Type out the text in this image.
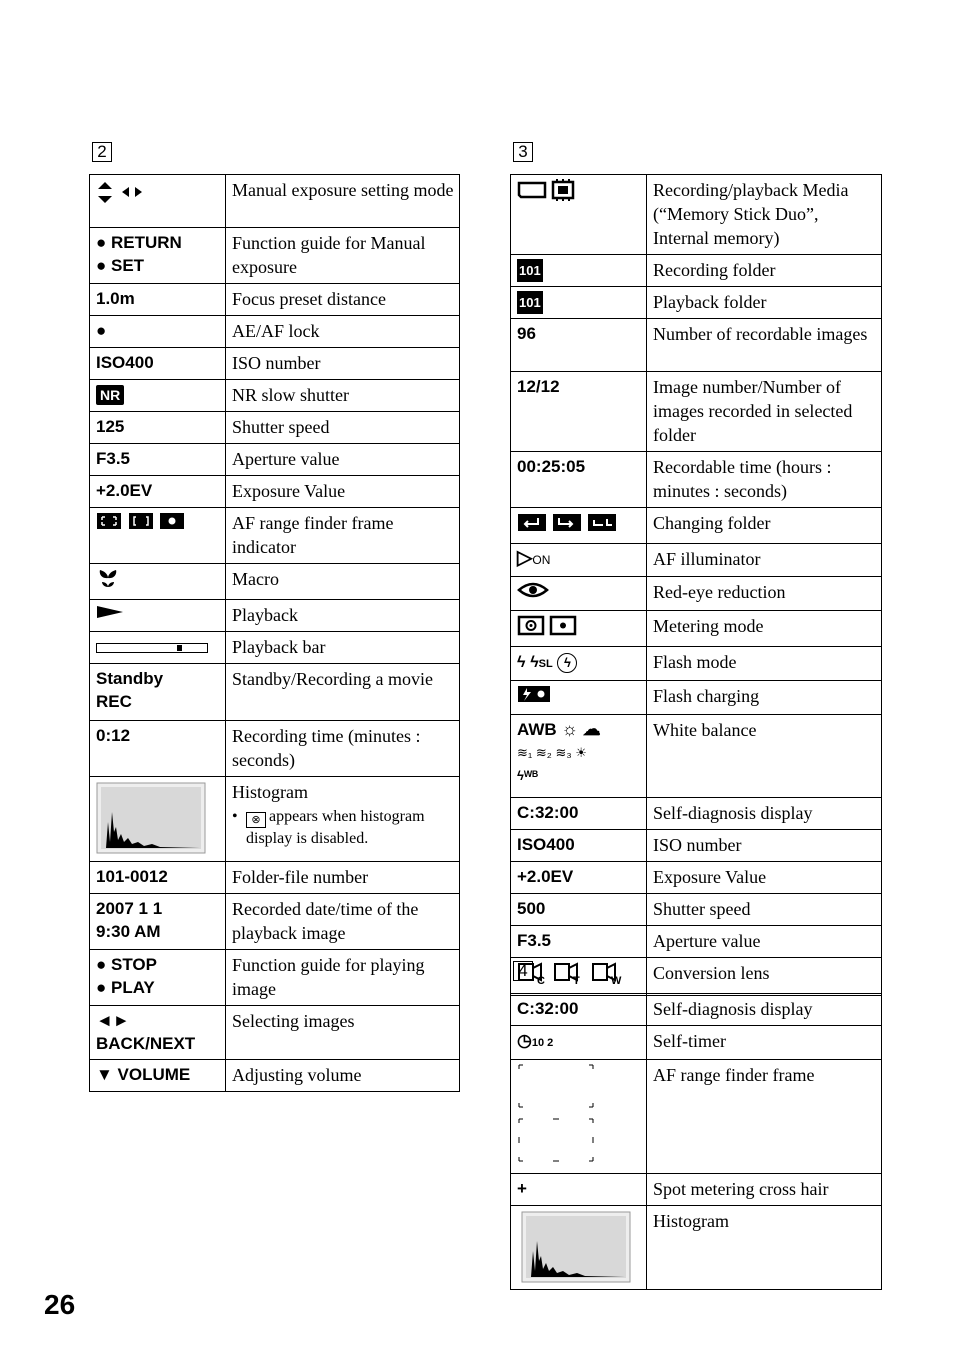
2
	Manual exposure setting mode
● RETURN
● SET	Function guide for Manual exposure
1.0m	Focus preset distance
●	AE/AF lock
ISO400	ISO number
NR	NR slow shutter
125	Shutter speed
F3.5	Aperture value
+2.0EV	Exposure Value
	AF range finder frame indicator
	Macro
	Playback

	Playback bar
Standby
REC	Standby/Recording a movie
0:12	Recording time (minutes : seconds)

Histogram
• ⊗ appears when histogram display is disabled.

101-0012	Folder-file number
2007 1 1
9:30 AM	Recorded date/time of the playback image
● STOP
● PLAY	Function guide for playing image
◄► BACK/NEXT	Selecting images
▼ VOLUME	Adjusting volume
3
	Recording/playback Media (“Memory Stick Duo”, Internal memory)
101	Recording folder
101	Playback folder
96	Number of recordable images
12/12	Image number/Number of images recorded in selected folder
00:25:05	Recordable time (hours : minutes : seconds)
	Changing folder
▷ON	AF illuminator
	Red-eye reduction
	Metering mode
ϟ ϟSL ϟ	Flash mode
	Flash charging

AWB ☼ ☁
≋₁ ≋₂ ≋₃ ☀
ϟᵂᴮ	White balance
C:32:00	Self-diagnosis display
ISO400	ISO number
+2.0EV	Exposure Value
500	Shutter speed
F3.5	Aperture value

C T W	Conversion lens
4
C:32:00	Self-diagnosis display
◷10 2	Self-timer
	AF range finder frame
+	Spot metering cross hair

	Histogram
26
